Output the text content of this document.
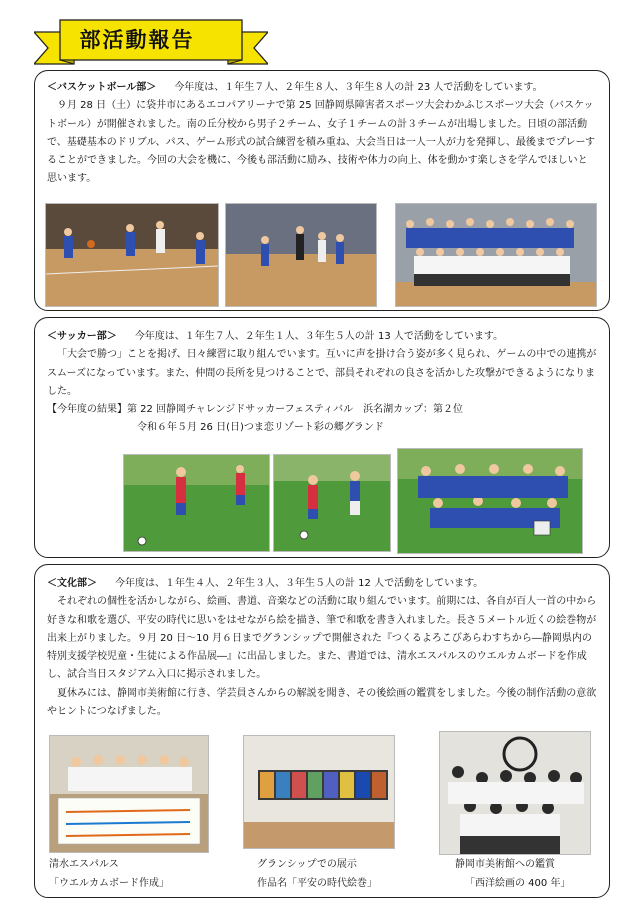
部活動報告
＜バスケットボール部＞ 今年度は、１年生７人、２年生８人、３年生８人の計 23 人で活動をしています。
９月 28 日（土）に袋井市にあるエコパアリーナで第 25 回静岡県障害者スポーツ大会わかふじスポーツ大会（バスケットボール）が開催されました。南の丘分校から男子２チーム、女子１チームの計３チームが出場しました。日頃の部活動で、基礎基本のドリブル、パス、ゲーム形式の試合練習を積み重ね、大会当日は一人一人が力を発揮し、最後までプレーすることができました。今回の大会を機に、今後も部活動に励み、技術や体力の向上、体を動かす楽しさを学んでほしいと思います。
＜サッカー部＞ 今年度は、１年生７人、２年生１人、３年生５人の計 13 人で活動をしています。
「大会で勝つ」ことを掲げ、日々練習に取り組んでいます。互いに声を掛け合う姿が多く見られ、ゲームの中での連携がスムーズになっています。また、仲間の長所を見つけることで、部員それぞれの良さを活かした攻撃ができるようになりました。
【今年度の結果】第 22 回静岡チャレンジドサッカーフェスティバル　浜名湖カップ：第２位
令和６年５月 26 日(日)つま恋リゾート彩の郷グランド
＜文化部＞ 今年度は、１年生４人、２年生３人、３年生５人の計 12 人で活動をしています。
それぞれの個性を活かしながら、絵画、書道、音楽などの活動に取り組んでいます。前期には、各自が百人一首の中から好きな和歌を選び、平安の時代に思いをはせながら絵を描き、筆で和歌を書き入れました。長さ５メートル近くの絵巻物が出来上がりました。９月 20 日～10 月６日までグランシップで開催された『つくるよろこびあらわすちから―静岡県内の特別支援学校児童・生徒による作品展―』に出品しました。また、書道では、清水エスパルスのウエルカムボードを作成し、試合当日スタジアム入口に掲示されました。
夏休みには、静岡市美術館に行き、学芸員さんからの解説を聞き、その後絵画の鑑賞をしました。今後の制作活動の意欲やヒントにつなげました。
清水エスパルス
「ウエルカムボード作成」
グランシップでの展示
作品名「平安の時代絵巻」
静岡市美術館への鑑賞
「西洋絵画の 400 年」
